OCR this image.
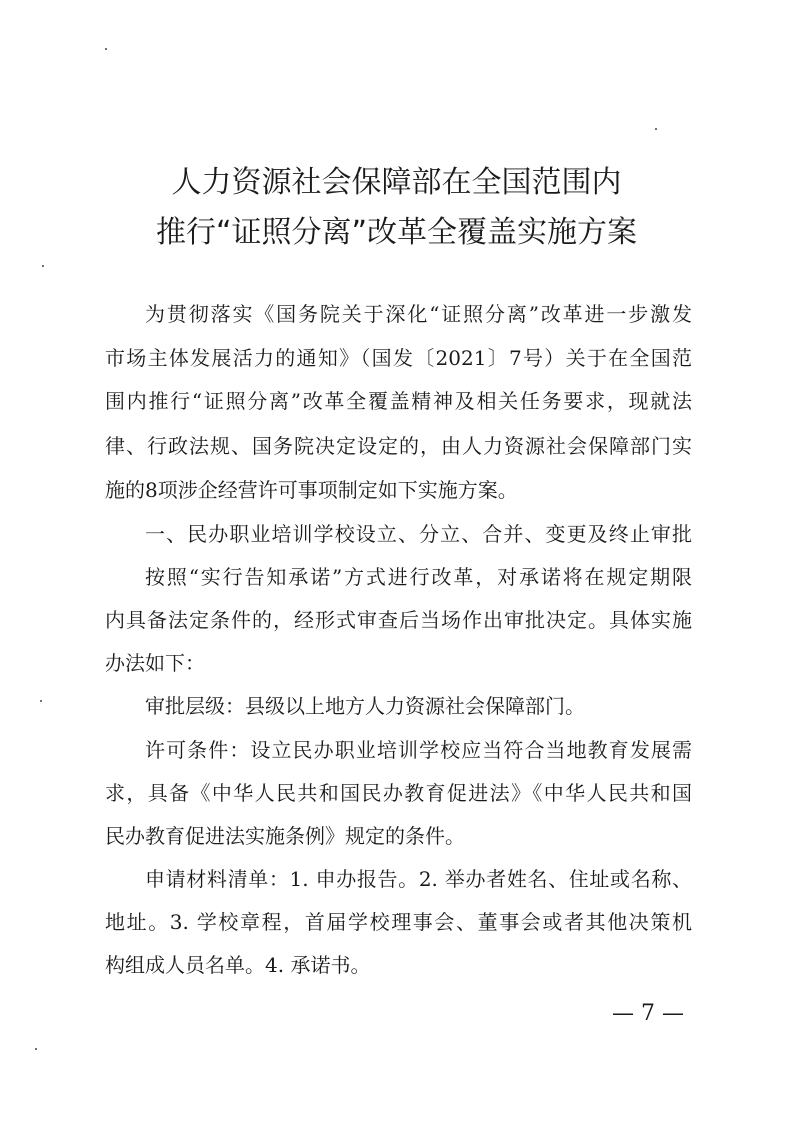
人力资源社会保障部在全国范围内
推行“证照分离”改革全覆盖实施方案
为贯彻落实《国务院关于深化“证照分离”改革进一步激发
市场主体发展活力的通知》（国发〔2021〕7号）关于在全国范
围内推行“证照分离”改革全覆盖精神及相关任务要求，现就法
律、行政法规、国务院决定设定的，由人力资源社会保障部门实
施的8项涉企经营许可事项制定如下实施方案。
一、民办职业培训学校设立、分立、合并、变更及终止审批
按照“实行告知承诺”方式进行改革，对承诺将在规定期限
内具备法定条件的，经形式审查后当场作出审批决定。具体实施
办法如下：
审批层级：县级以上地方人力资源社会保障部门。
许可条件：设立民办职业培训学校应当符合当地教育发展需
求，具备《中华人民共和国民办教育促进法》《中华人民共和国
民办教育促进法实施条例》规定的条件。
申请材料清单：1. 申办报告。2. 举办者姓名、住址或名称、
地址。3. 学校章程，首届学校理事会、董事会或者其他决策机
构组成人员名单。4. 承诺书。
— 7 —
